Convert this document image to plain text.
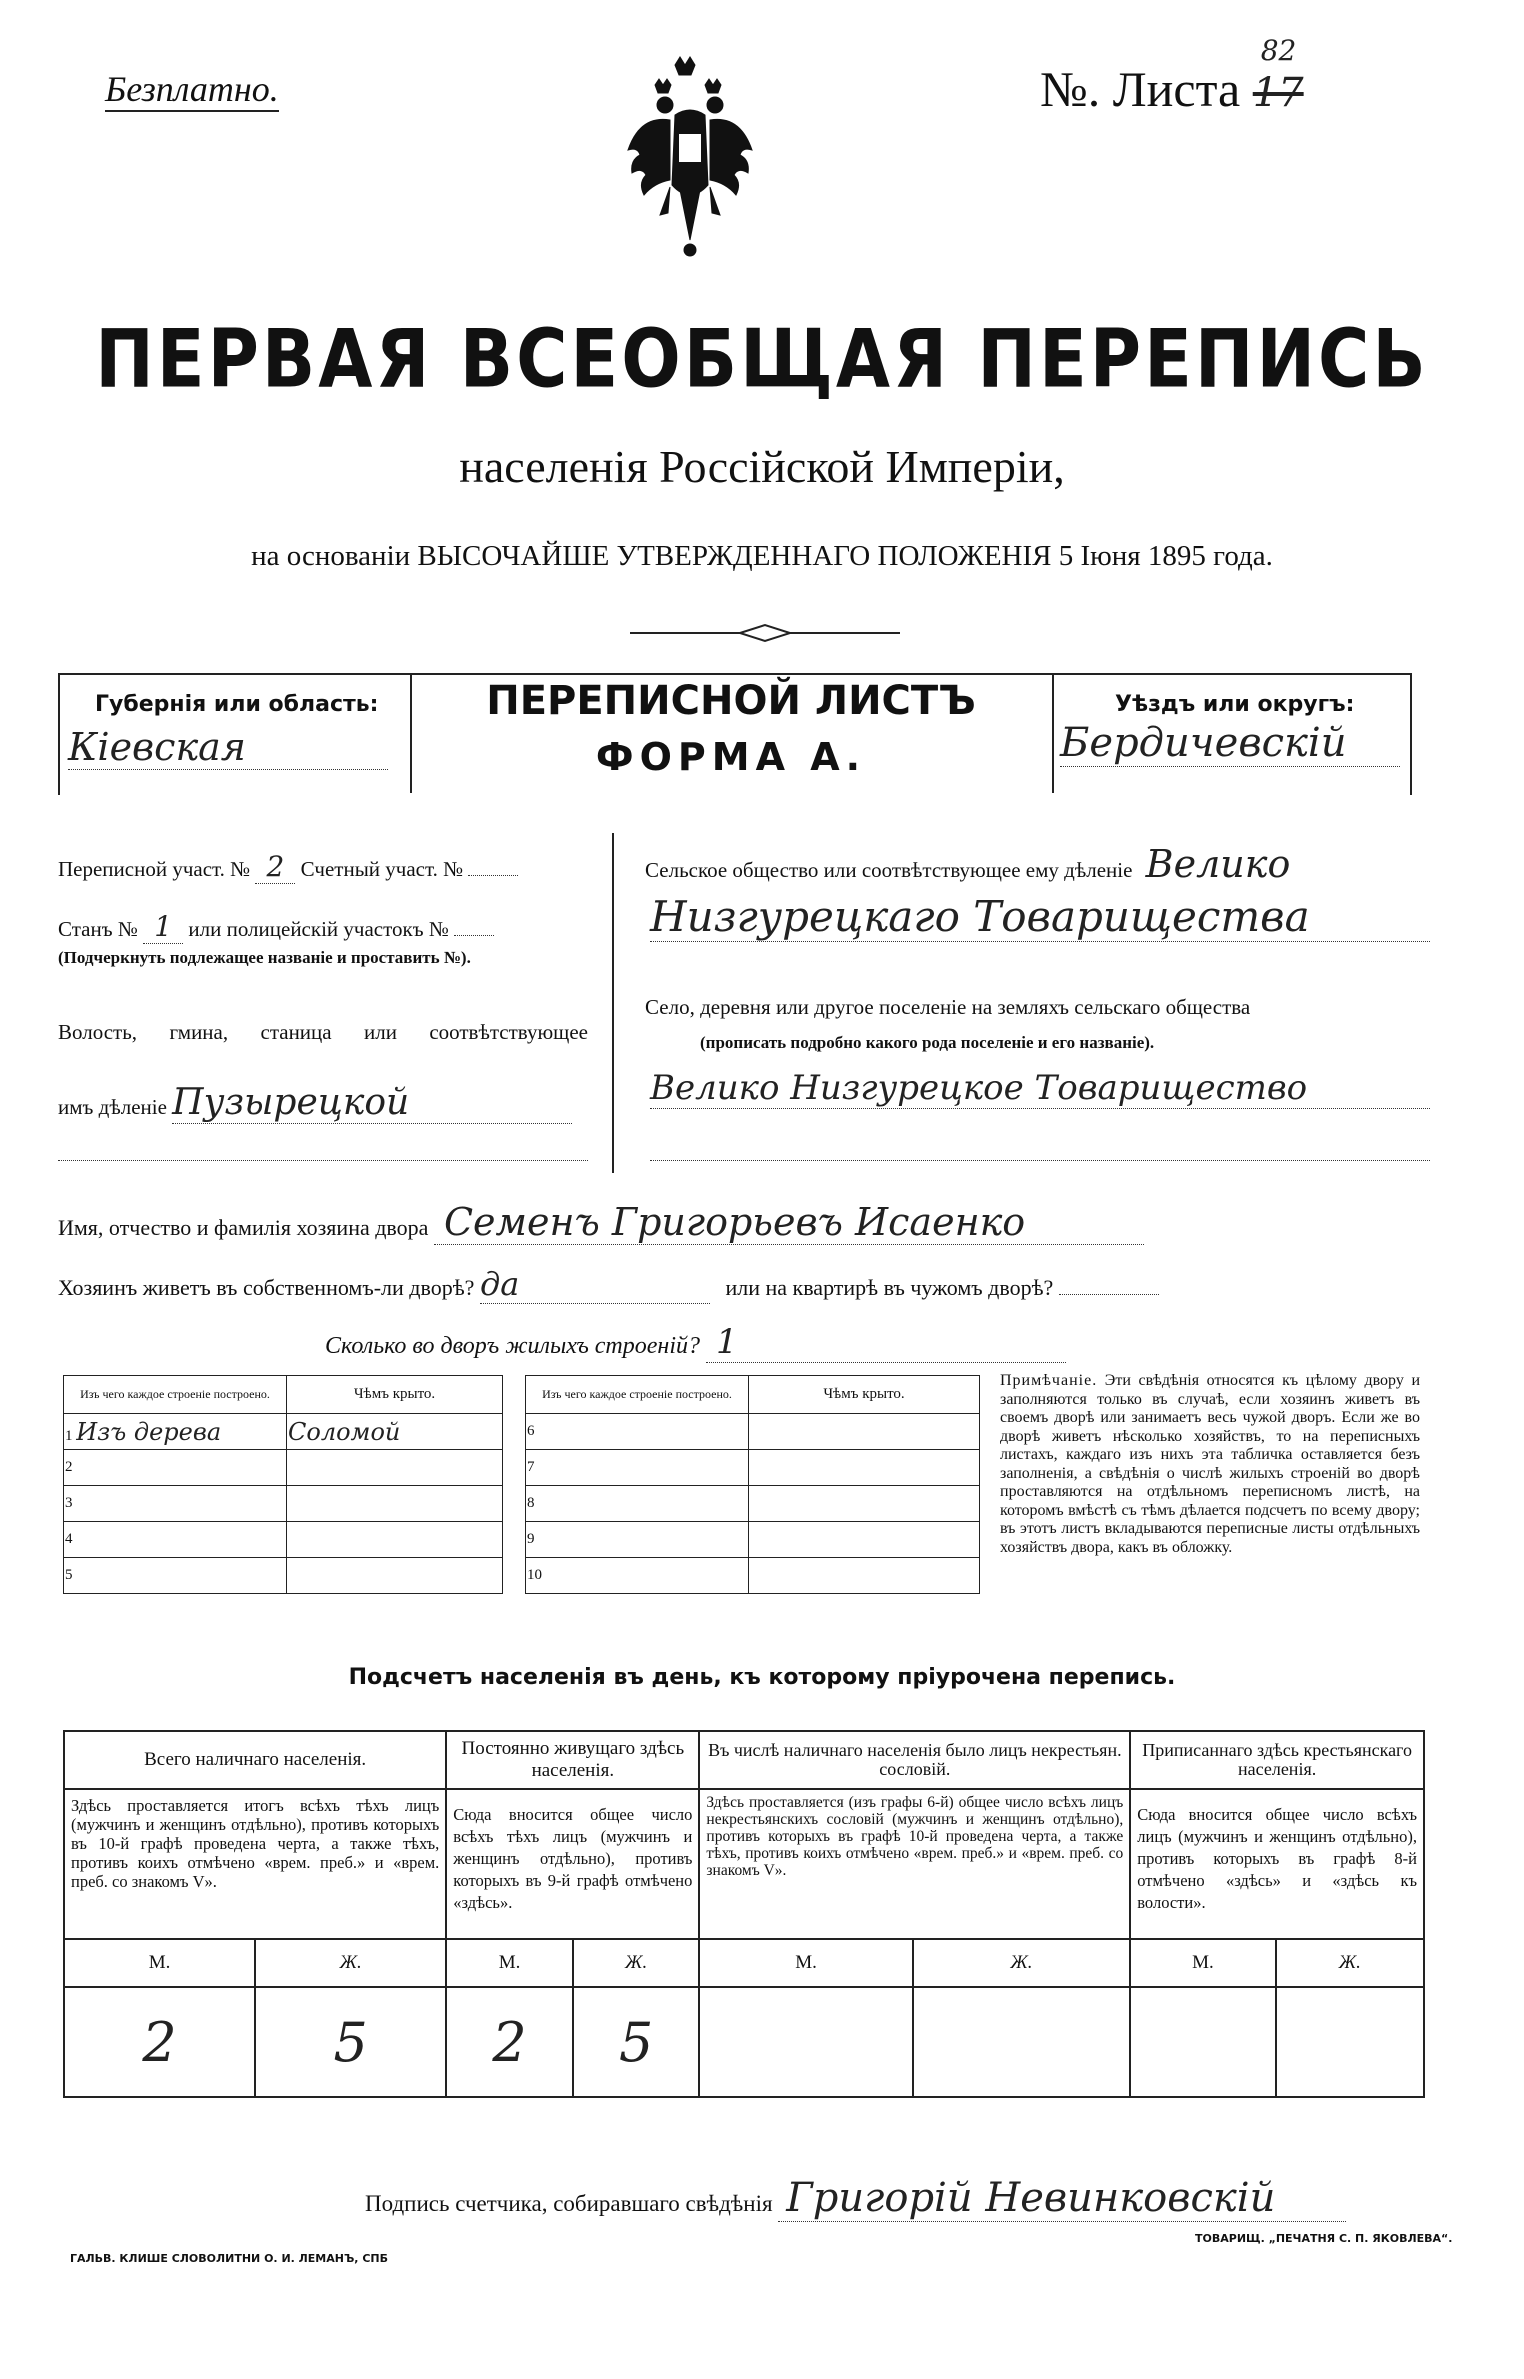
Безплатно.	№. Листа 17
82
ПЕРВАЯ ВСЕОБЩАЯ ПЕРЕПИСЬ
населенія Россійской Имперіи,
на основаніи ВЫСОЧАЙШЕ УТВЕРЖДЕННАГО ПОЛОЖЕНІЯ 5 Іюня 1895 года.
Губернія или область:
Кiевская
ПЕРЕПИСНОЙ ЛИСТЪ
ФОРМА А.
Уѣздъ или округъ:
Бердичевскiй
Переписной участ. № 2 Счетный участ. №
Станъ № 1 или полицейскій участокъ №
(Подчеркнуть подлежащее названіе и проставить №).
Волость, гмина, станица или соотвѣтствующее
имъ дѣленіе Пузырецкой
Сельское общество или соотвѣтствующее ему дѣленіе Велико
Низгурецкаго Товарищества
Село, деревня или другое поселеніе на земляхъ сельскаго общества
(прописать подробно какого рода поселеніе и его названіе).
Велико Низгурецкое Товарищество
Имя, отчество и фамилія хозяина двора Семенъ Григорьевъ Исаенко
Хозяинъ живетъ въ собственномъ-ли дворѣ? да	или на квартирѣ въ чужомъ дворѣ?
Сколько во дворъ жилыхъ строеній? 1
Изъ чего каждое строеніе построено.	Чѣмъ крыто.
1 Изъ дерева	Соломой
2	
3	
4	
5	
Изъ чего каждое строеніе построено.	Чѣмъ крыто.
6	
7	
8	
9	
10	
Примѣчаніе. Эти свѣдѣнія относятся къ цѣлому двору и заполняются только въ случаѣ, если хозяинъ живетъ въ своемъ дворѣ или занимаетъ весь чужой дворъ. Если же во дворѣ живетъ нѣсколько хозяйствъ, то на переписныхъ листахъ, каждаго изъ нихъ эта табличка оставляется безъ заполненія, а свѣдѣнія о числѣ жилыхъ строеній во дворѣ проставляются на отдѣльномъ переписномъ листѣ, на которомъ вмѣстѣ съ тѣмъ дѣлается подсчетъ по всему двору; въ этотъ листъ вкладываются переписные листы отдѣльныхъ хозяйствъ двора, какъ въ обложку.
Подсчетъ населенія въ день, къ которому пріурочена перепись.
Всего наличнаго населенія.		Постоянно живущаго здѣсь населенія.		Въ числѣ наличнаго населенія было лицъ некрестьян. сословій.		Приписаннаго здѣсь крестьянскаго населенія.	
Здѣсь проставляется итогъ всѣхъ тѣхъ лицъ (мужчинъ и женщинъ отдѣльно), противъ которыхъ въ 10-й графѣ проведена черта, а также тѣхъ, противъ коихъ отмѣчено «врем. преб.» и «врем. преб. со знакомъ V».		Сюда вносится общее число всѣхъ тѣхъ лицъ (мужчинъ и женщинъ отдѣльно), противъ которыхъ въ 9-й графѣ отмѣчено «здѣсь».		Здѣсь проставляется (изъ графы 6-й) общее число всѣхъ лицъ некрестьянскихъ сословій (мужчинъ и женщинъ отдѣльно), противъ которыхъ въ графѣ 10-й проведена черта, а также тѣхъ, противъ коихъ отмѣчено «врем. преб.» и «врем. преб. со знакомъ V».		Сюда вносится общее число всѣхъ лицъ (мужчинъ и женщинъ отдѣльно), противъ которыхъ въ графѣ 8-й отмѣчено «здѣсь» и «здѣсь къ волости».	
М.	Ж.	М.	Ж.	М.	Ж.	М.	Ж.
2	5	2	5				
Подпись счетчика, собиравшаго свѣдѣнія Григорiй Невинковскiй
ГАЛЬВ. КЛИШЕ СЛОВОЛИТНИ О. И. ЛЕМАНЪ, СПБ
ТОВАРИЩ. „ПЕЧАТНЯ С. П. ЯКОВЛЕВА“.
